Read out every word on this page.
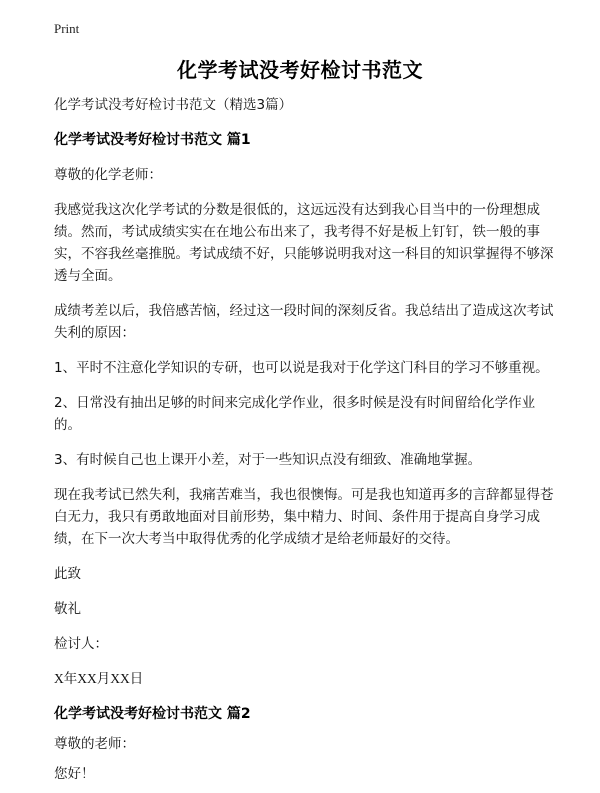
Print
化学考试没考好检讨书范文

化学考试没考好检讨书范文（精选3篇）

化学考试没考好检讨书范文 篇1

尊敬的化学老师：

我感觉我这次化学考试的分数是很低的，这远远没有达到我心目当中的一份理想成绩。然而，考试成绩实实在在地公布出来了，我考得不好是板上钉钉，铁一般的事实，不容我丝毫推脱。考试成绩不好，只能够说明我对这一科目的知识掌握得不够深透与全面。

成绩考差以后，我倍感苦恼，经过这一段时间的深刻反省。我总结出了造成这次考试失利的原因：

1、平时不注意化学知识的专研，也可以说是我对于化学这门科目的学习不够重视。

2、日常没有抽出足够的时间来完成化学作业，很多时候是没有时间留给化学作业的。

3、有时候自己也上课开小差，对于一些知识点没有细致、准确地掌握。

现在我考试已然失利，我痛苦难当，我也很懊悔。可是我也知道再多的言辞都显得苍白无力，我只有勇敢地面对目前形势，集中精力、时间、条件用于提高自身学习成绩，在下一次大考当中取得优秀的化学成绩才是给老师最好的交待。

此致

敬礼

检讨人：

X年XX月XX日

化学考试没考好检讨书范文 篇2

尊敬的老师：

您好！
